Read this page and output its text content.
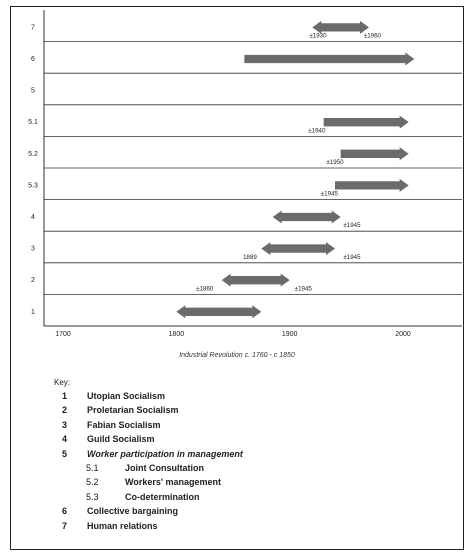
7
±1930	±1960
6
5
5.1
±1940
5.2
±1950
5.3
±1945
4
±1945
3
1889	±1945
2
±1860	±1945
1
1700	1800	1900	2000
Industrial Revolution c. 1760 - c 1850
Key:
1 Utopian Socialism
2 Proletarian Socialism
3 Fabian Socialism
4 Guild Socialism
5 Worker participation in management
5.1	Joint Consultation
5.2	Workers' management
5.3	Co-determination
6 Collective bargaining
7 Human relations
